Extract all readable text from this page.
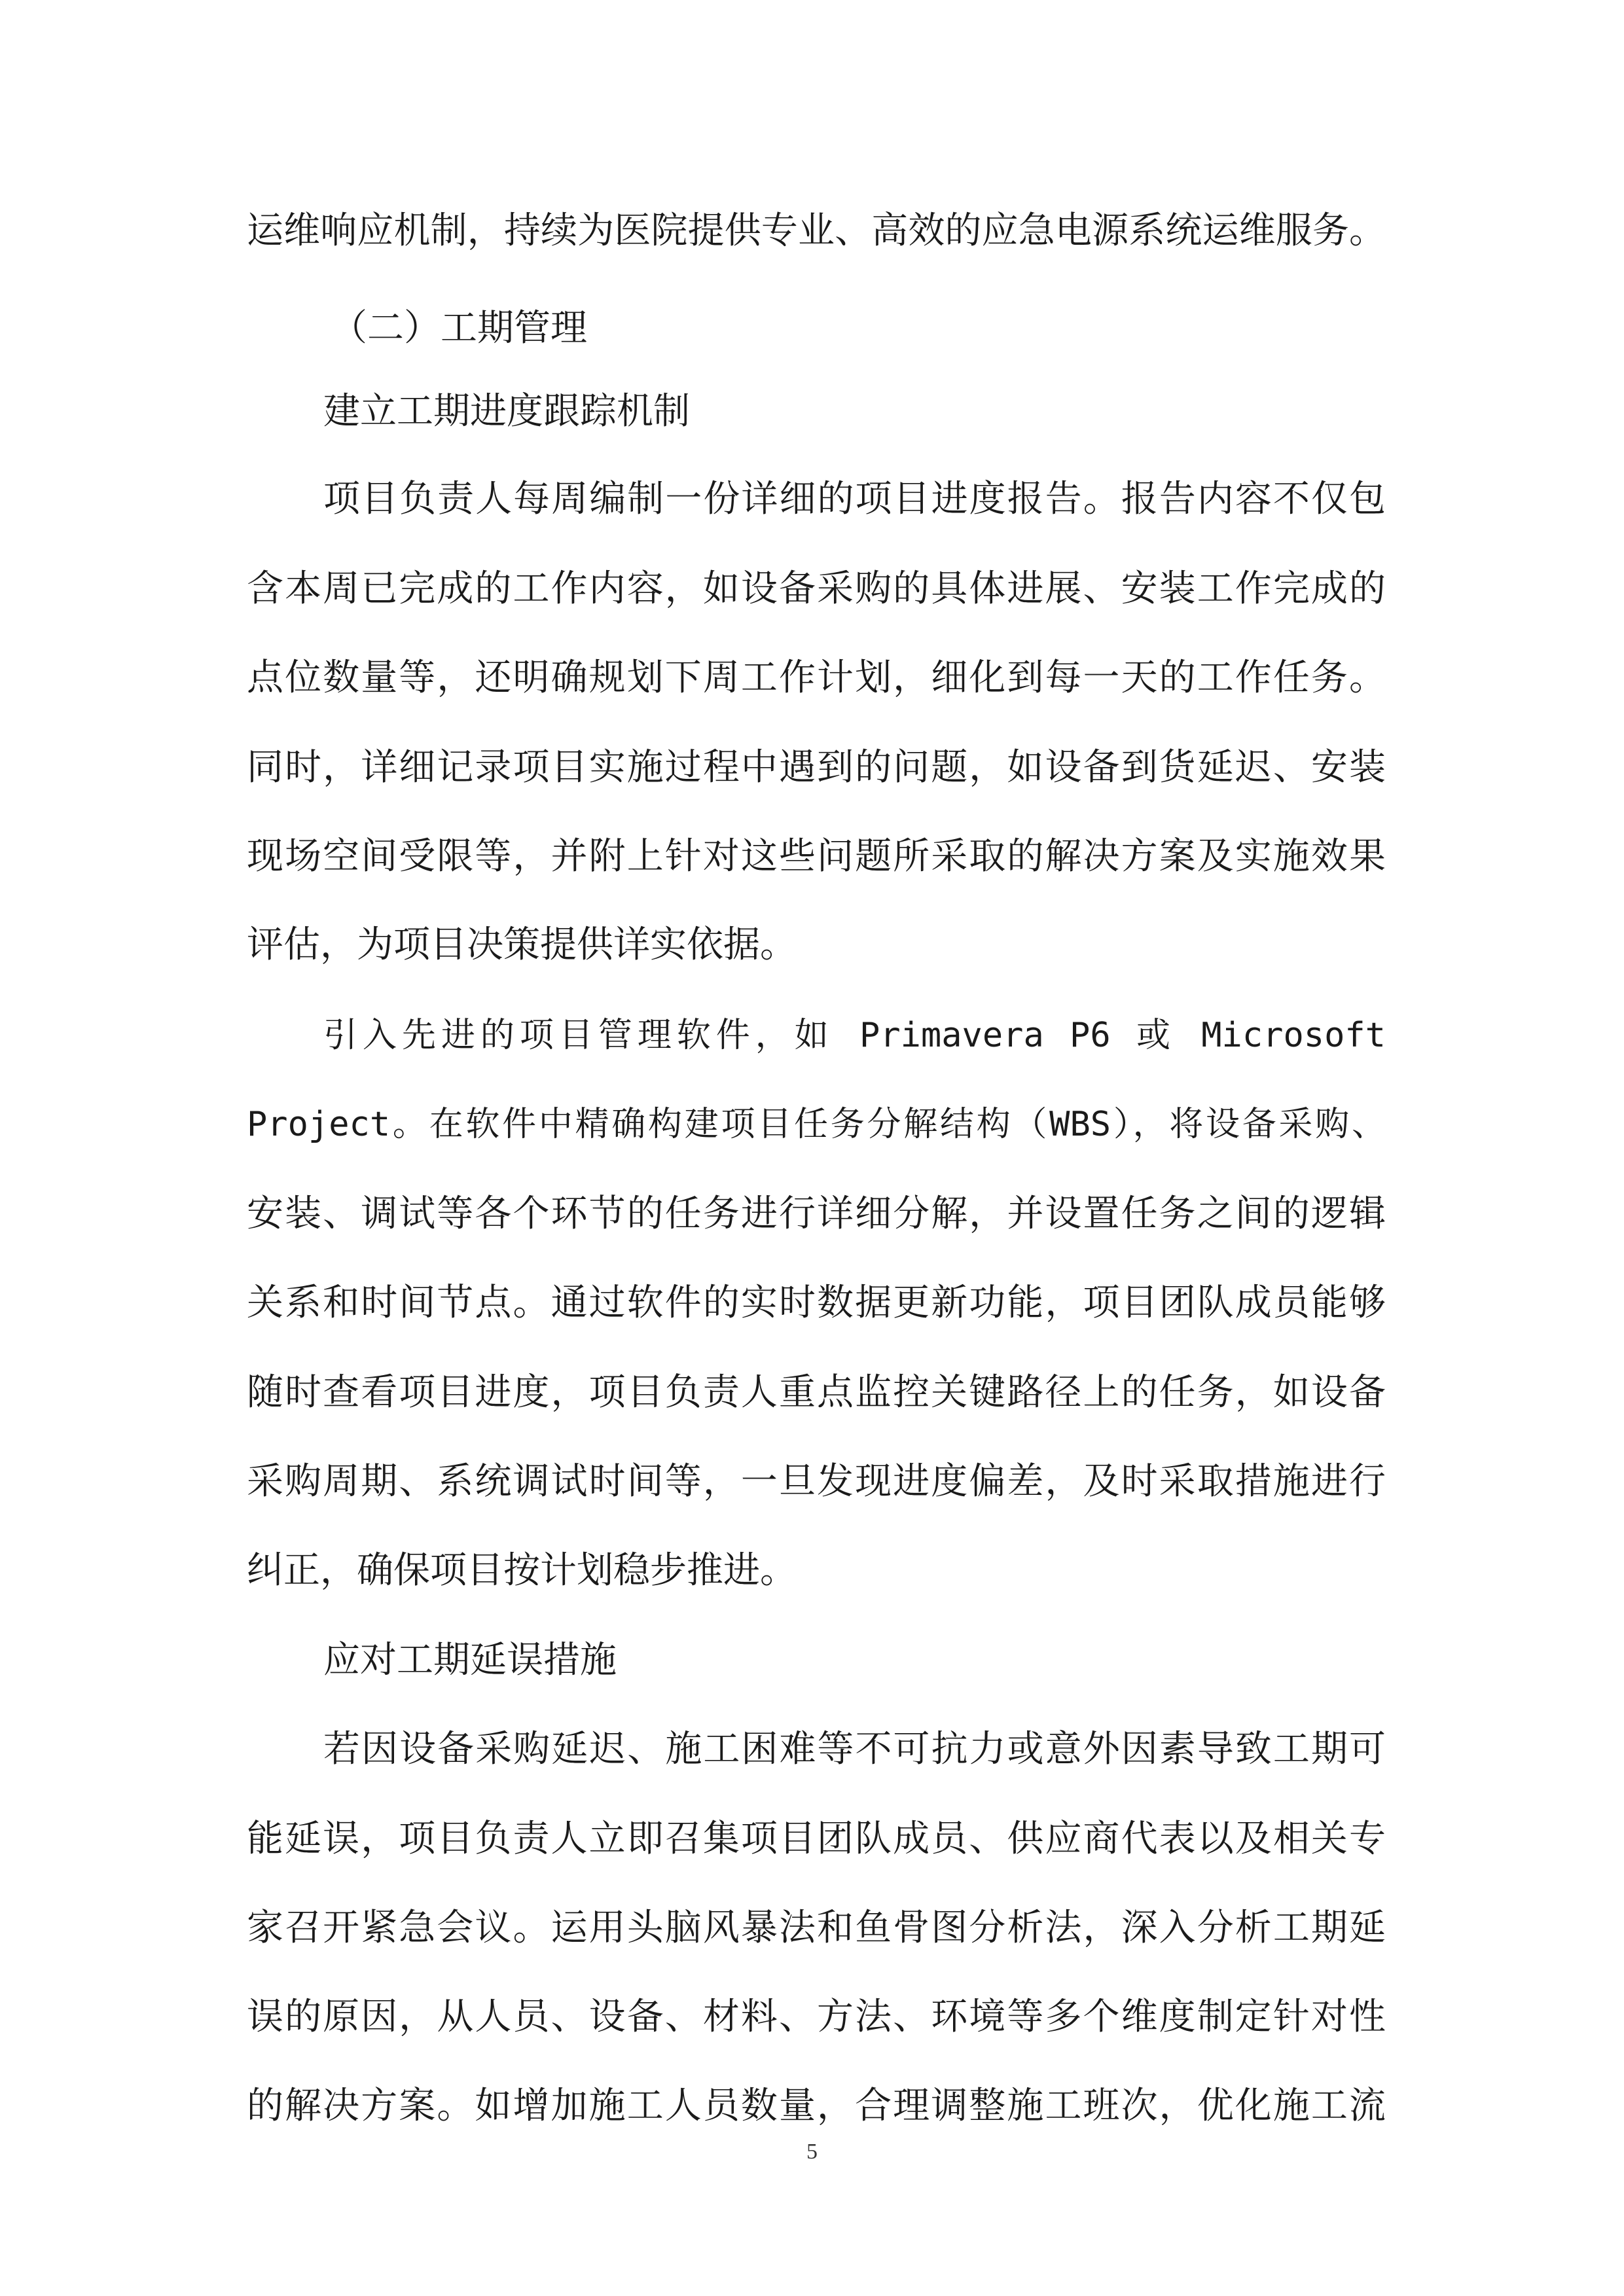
运维响应机制，持续为医院提供专业、高效的应急电源系统运维服务。

（二）工期管理

建立工期进度跟踪机制

项目负责人每周编制一份详细的项目进度报告。报告内容不仅包

含本周已完成的工作内容，如设备采购的具体进展、安装工作完成的

点位数量等，还明确规划下周工作计划，细化到每一天的工作任务。

同时，详细记录项目实施过程中遇到的问题，如设备到货延迟、安装

现场空间受限等，并附上针对这些问题所采取的解决方案及实施效果

评估，为项目决策提供详实依据。

引入先进的项目管理软件，如 Primavera P6 或 Microsoft

Project。在软件中精确构建项目任务分解结构（WBS），将设备采购、

安装、调试等各个环节的任务进行详细分解，并设置任务之间的逻辑

关系和时间节点。通过软件的实时数据更新功能，项目团队成员能够

随时查看项目进度，项目负责人重点监控关键路径上的任务，如设备

采购周期、系统调试时间等，一旦发现进度偏差，及时采取措施进行

纠正，确保项目按计划稳步推进。

应对工期延误措施

若因设备采购延迟、施工困难等不可抗力或意外因素导致工期可

能延误，项目负责人立即召集项目团队成员、供应商代表以及相关专

家召开紧急会议。运用头脑风暴法和鱼骨图分析法，深入分析工期延

误的原因，从人员、设备、材料、方法、环境等多个维度制定针对性

的解决方案。如增加施工人员数量，合理调整施工班次，优化施工流

5
